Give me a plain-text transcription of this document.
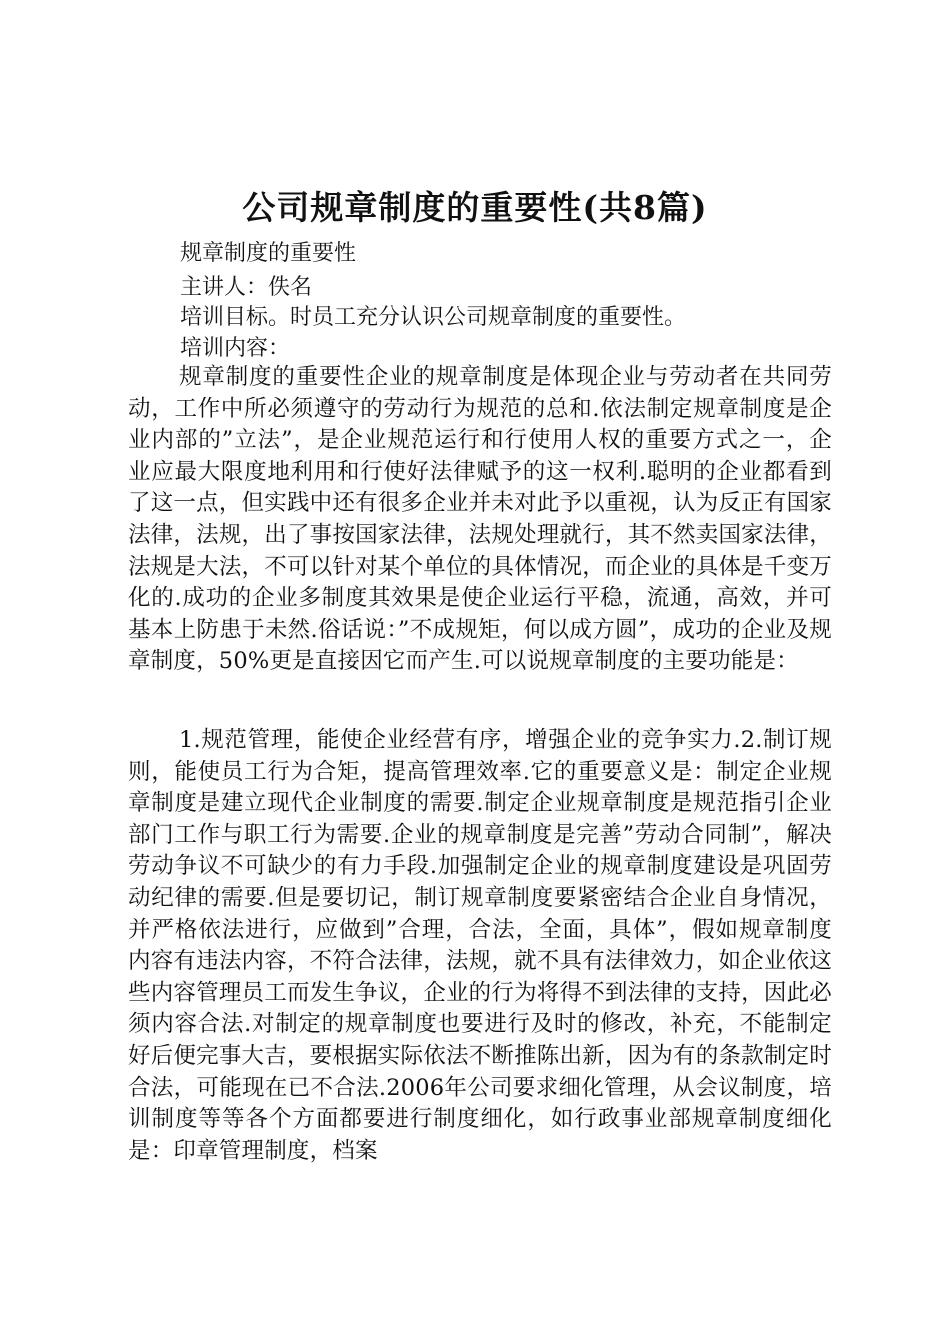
公司规章制度的重要性(共8篇)

规章制度的重要性

主讲人：佚名

培训目标。时员工充分认识公司规章制度的重要性。

培训内容：

规章制度的重要性企业的规章制度是体现企业与劳动者在共同劳动，工作中所必须遵守的劳动行为规范的总和.依法制定规章制度是企业内部的”立法”，是企业规范运行和行使用人权的重要方式之一，企业应最大限度地利用和行使好法律赋予的这一权利.聪明的企业都看到了这一点，但实践中还有很多企业并未对此予以重视，认为反正有国家法律，法规，出了事按国家法律，法规处理就行，其不然卖国家法律，法规是大法，不可以针对某个单位的具体情况，而企业的具体是千变万化的.成功的企业多制度其效果是使企业运行平稳，流通，高效，并可基本上防患于未然.俗话说：”不成规矩，何以成方圆”，成功的企业及规章制度，50%更是直接因它而产生.可以说规章制度的主要功能是：

1.规范管理，能使企业经营有序，增强企业的竞争实力.2.制订规则，能使员工行为合矩，提高管理效率.它的重要意义是：制定企业规章制度是建立现代企业制度的需要.制定企业规章制度是规范指引企业部门工作与职工行为需要.企业的规章制度是完善”劳动合同制”，解决劳动争议不可缺少的有力手段.加强制定企业的规章制度建设是巩固劳动纪律的需要.但是要切记，制订规章制度要紧密结合企业自身情况，并严格依法进行，应做到”合理，合法，全面，具体”，假如规章制度内容有违法内容，不符合法律，法规，就不具有法律效力，如企业依这些内容管理员工而发生争议，企业的行为将得不到法律的支持，因此必须内容合法.对制定的规章制度也要进行及时的修改，补充，不能制定好后便完事大吉，要根据实际依法不断推陈出新，因为有的条款制定时合法，可能现在已不合法.2006年公司要求细化管理，从会议制度，培训制度等等各个方面都要进行制度细化，如行政事业部规章制度细化是：印章管理制度，档案
